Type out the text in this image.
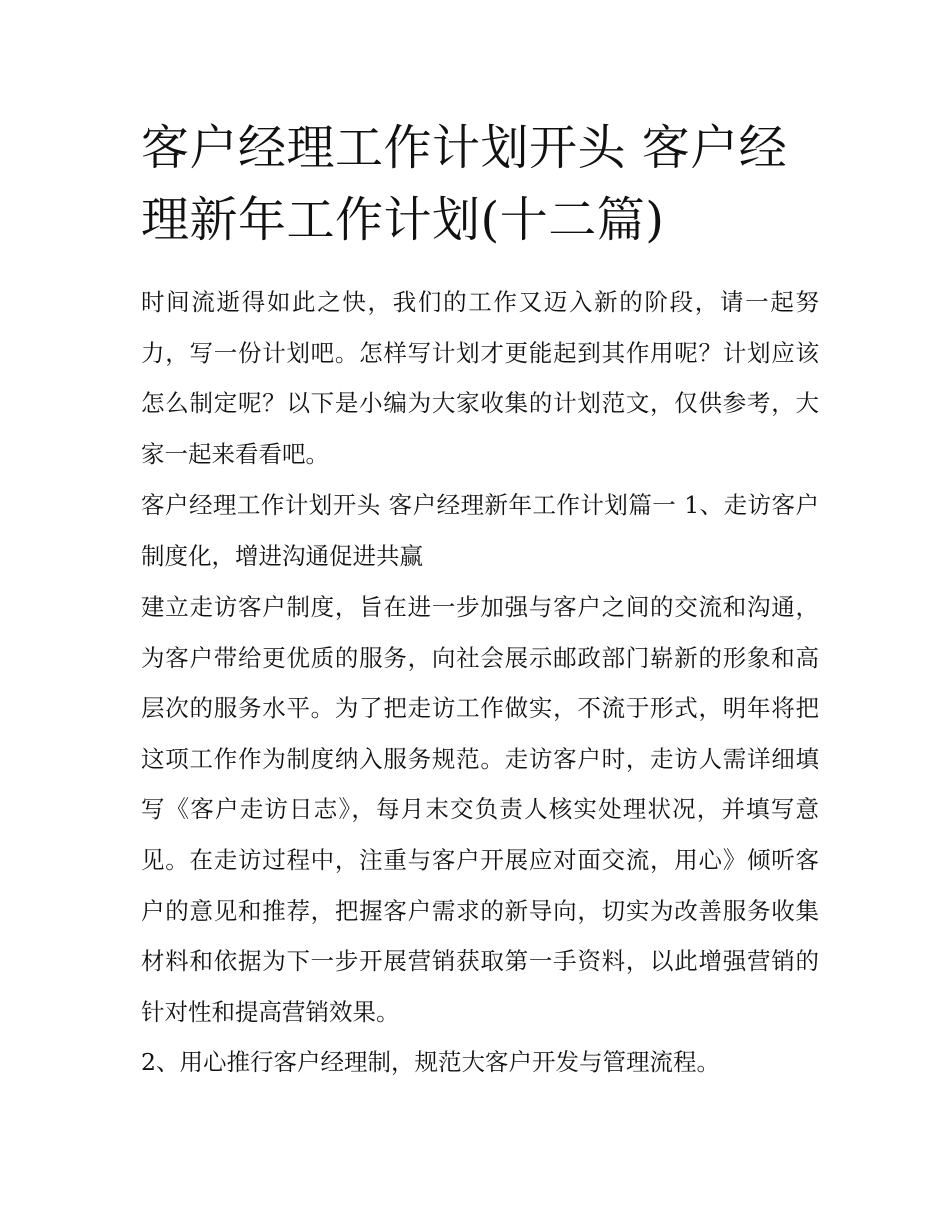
客户经理工作计划开头 客户经理新年工作计划(十二篇)

时间流逝得如此之快，我们的工作又迈入新的阶段，请一起努力，写一份计划吧。怎样写计划才更能起到其作用呢？计划应该怎么制定呢？以下是小编为大家收集的计划范文，仅供参考，大家一起来看看吧。

客户经理工作计划开头 客户经理新年工作计划篇一 1、走访客户制度化，增进沟通促进共赢

建立走访客户制度，旨在进一步加强与客户之间的交流和沟通，为客户带给更优质的服务，向社会展示邮政部门崭新的形象和高层次的服务水平。为了把走访工作做实，不流于形式，明年将把这项工作作为制度纳入服务规范。走访客户时，走访人需详细填写《客户走访日志》，每月末交负责人核实处理状况，并填写意见。在走访过程中，注重与客户开展应对面交流，用心》倾听客户的意见和推荐，把握客户需求的新导向，切实为改善服务收集材料和依据为下一步开展营销获取第一手资料，以此增强营销的针对性和提高营销效果。

2、用心推行客户经理制，规范大客户开发与管理流程。
